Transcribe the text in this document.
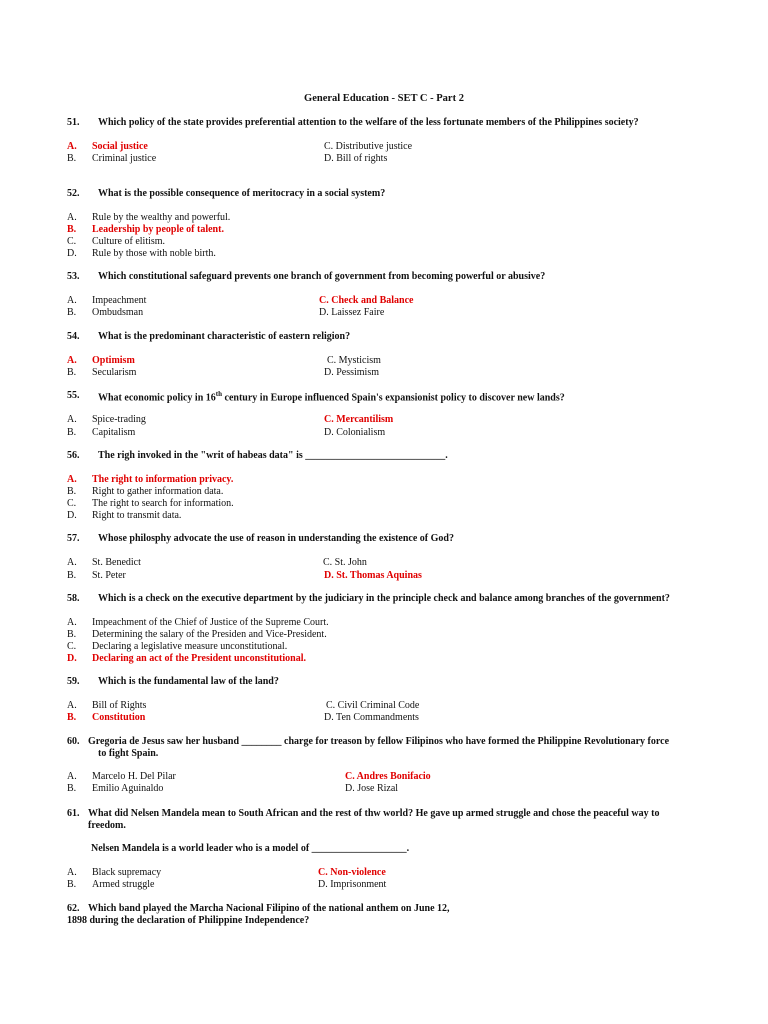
General Education - SET C - Part 2
51. Which policy of the state provides preferential attention to the welfare of the less fortunate members of the Philippines society?
A. Social justice
B. Criminal justice
C. Distributive justice
D. Bill of rights
52. What is the possible consequence of meritocracy in a social system?
A. Rule by the wealthy and powerful.
B. Leadership by people of talent.
C. Culture of elitism.
D. Rule by those with noble birth.
53. Which constitutional safeguard prevents one branch of government from becoming powerful or abusive?
A. Impeachment
B. Ombudsman
C. Check and Balance
D. Laissez Faire
54. What is the predominant characteristic of eastern religion?
A. Optimism
B. Secularism
C. Mysticism
D. Pessimism
55. What economic policy in 16th century in Europe influenced Spain's expansionist policy to discover new lands?
A. Spice-trading
B. Capitalism
C. Mercantilism
D. Colonialism
56. The righ invoked in the "writ of habeas data" is ____________________________.
A. The right to information privacy.
B. Right to gather information data.
C. The right to search for information.
D. Right to transmit data.
57. Whose philosphy advocate the use of reason in understanding the existence of God?
A. St. Benedict
B. St. Peter
C. St. John
D. St. Thomas Aquinas
58. Which is a check on the executive department by the judiciary in the principle check and balance among branches of the government?
A. Impeachment of the Chief of Justice of the Supreme Court.
B. Determining the salary of the Presiden and Vice-President.
C. Declaring a legislative measure unconstitutional.
D. Declaring an act of the President unconstitutional.
59. Which is the fundamental law of the land?
A. Bill of Rights
B. Constitution
C. Civil Criminal Code
D. Ten Commandments
60. Gregoria de Jesus saw her husband ________ charge for treason by fellow Filipinos who have formed the Philippine Revolutionary force
to fight Spain.
A. Marcelo H. Del Pilar
B. Emilio Aguinaldo
C. Andres Bonifacio
D. Jose Rizal
61. What did Nelsen Mandela mean to South African and the rest of thw world? He gave up armed struggle and chose the peaceful way to
freedom.
Nelsen Mandela is a world leader who is a model of ___________________.
A. Black supremacy
B. Armed struggle
C. Non-violence
D. Imprisonment
62. Which band played the Marcha Nacional Filipino of the national anthem on June 12,
1898 during the declaration of Philippine Independence?
